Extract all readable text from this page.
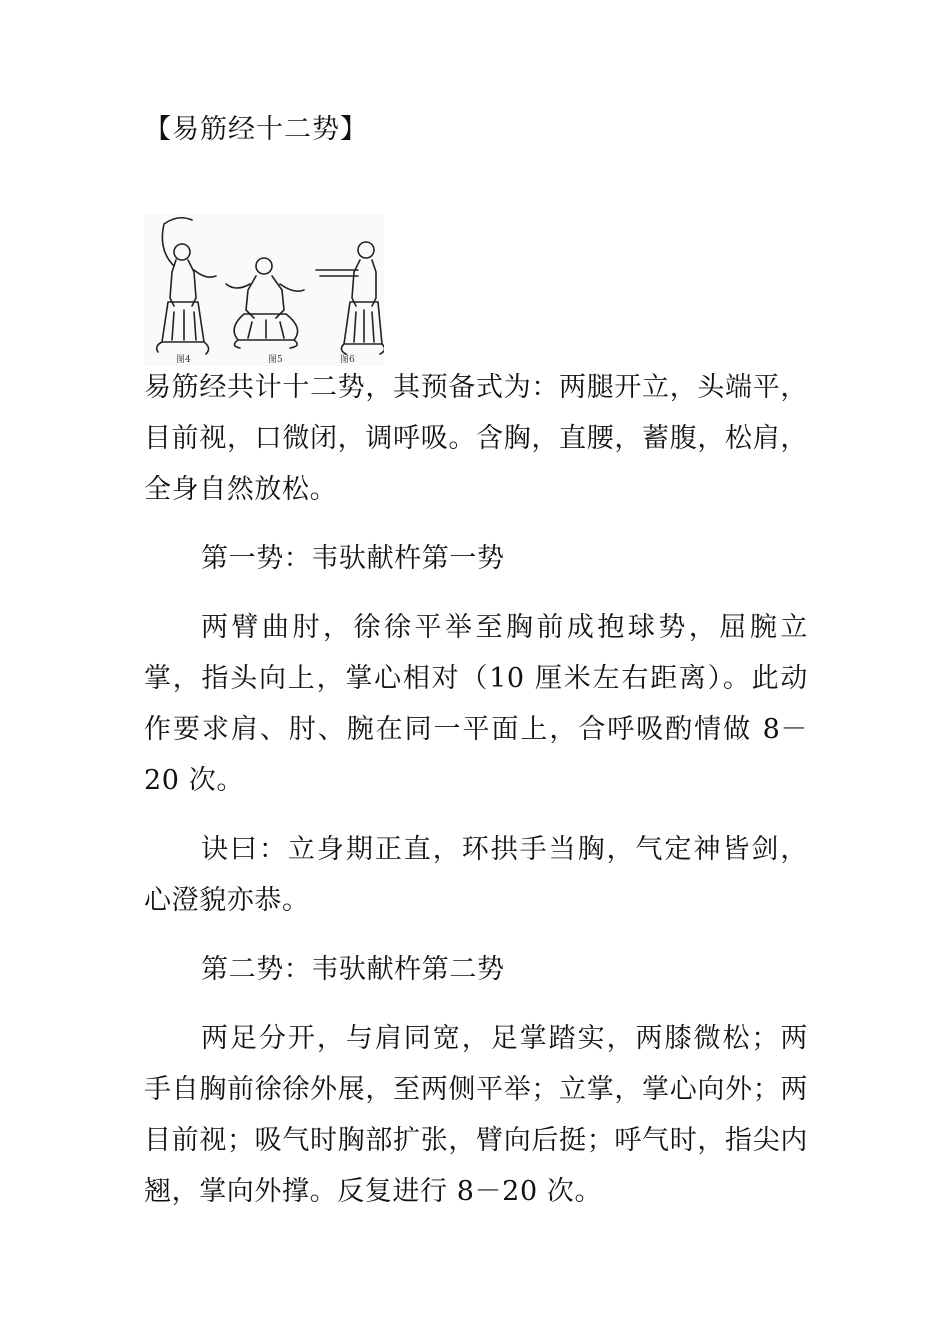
【易筋经十二势】
图4	图5	图6

易筋经共计十二势，其预备式为：两腿开立，头端平，目前视，口微闭，调呼吸。含胸，直腰，蓄腹，松肩，全身自然放松。

第一势：韦驮献杵第一势

两臂曲肘，徐徐平举至胸前成抱球势，屈腕立掌，指头向上，掌心相对（10 厘米左右距离）。此动作要求肩、肘、腕在同一平面上，合呼吸酌情做 8－20 次。

诀曰：立身期正直，环拱手当胸，气定神皆剑，心澄貌亦恭。

第二势：韦驮献杵第二势

两足分开，与肩同宽，足掌踏实，两膝微松；两手自胸前徐徐外展，至两侧平举；立掌，掌心向外；两目前视；吸气时胸部扩张，臂向后挺；呼气时，指尖内翘，掌向外撑。反复进行 8－20 次。
